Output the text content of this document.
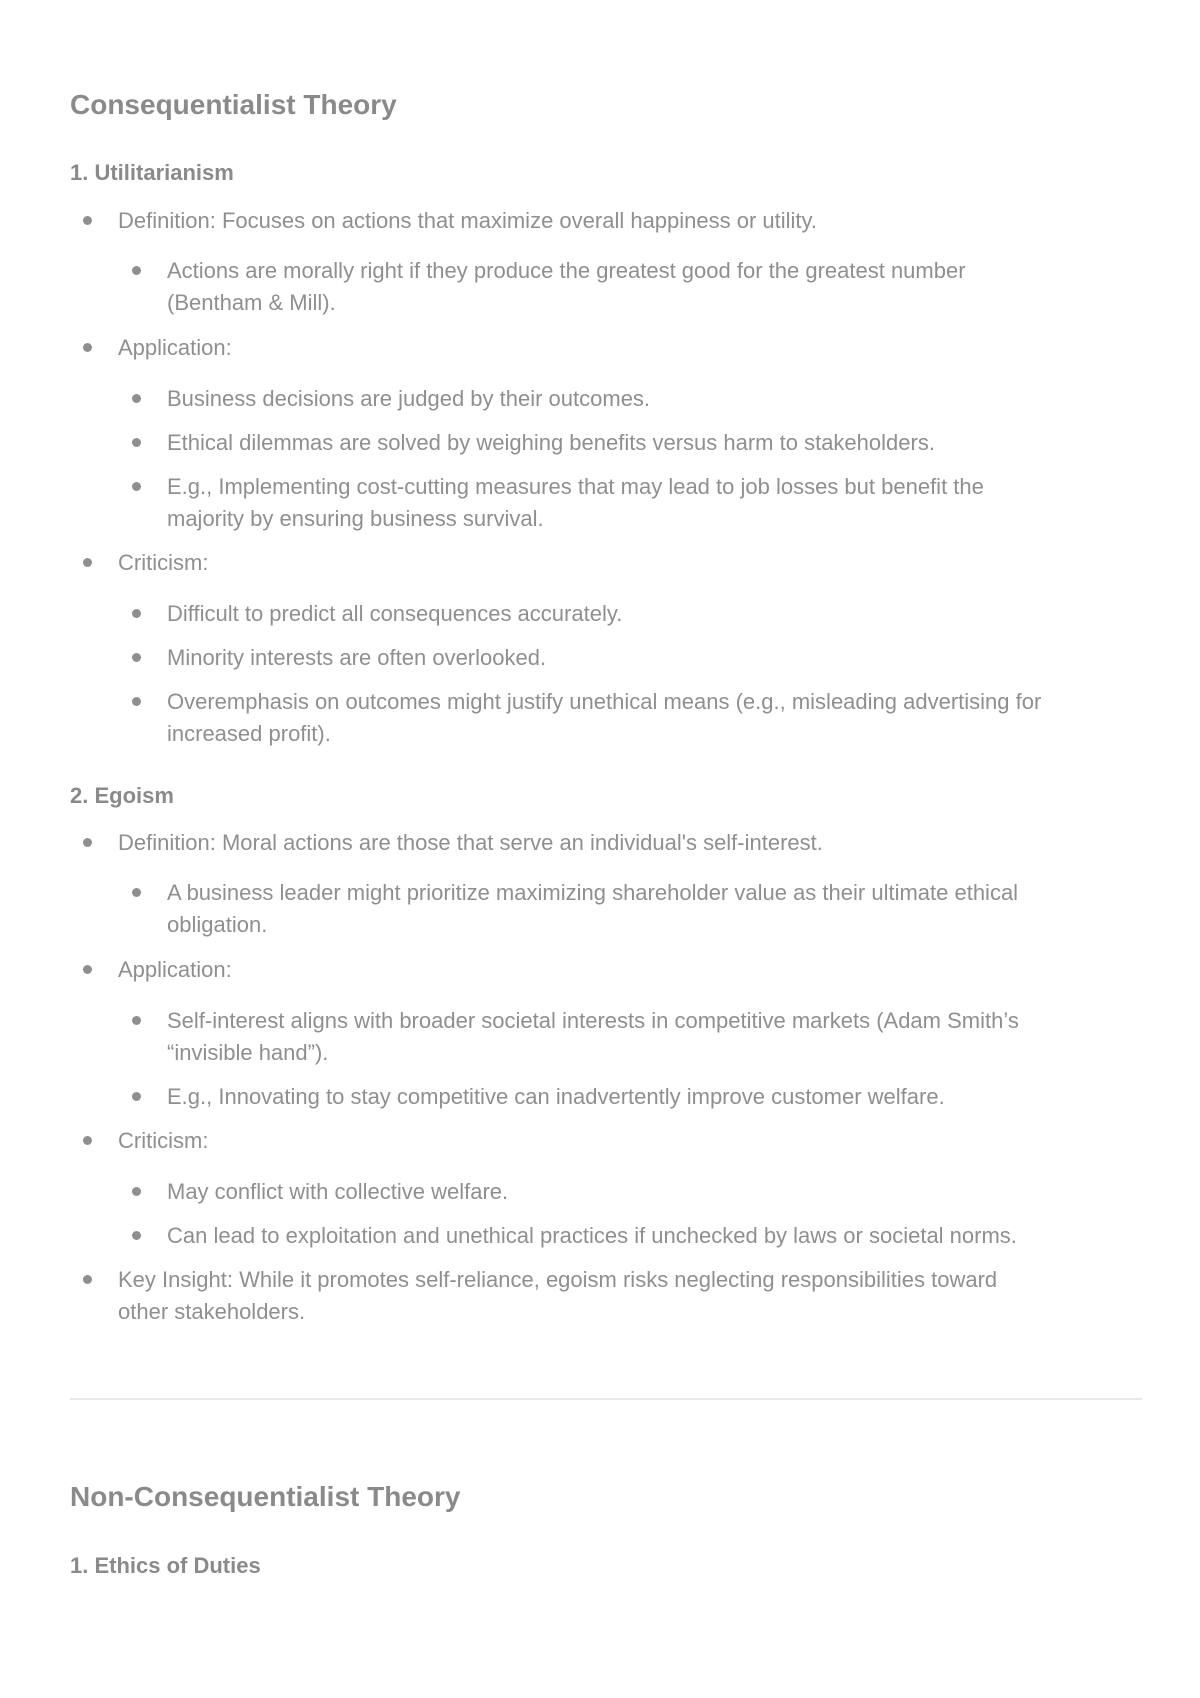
Consequentialist Theory
1. Utilitarianism

Definition: Focuses on actions that maximize overall happiness or utility.

Actions are morally right if they produce the greatest good for the greatest number

(Bentham & Mill).

Application:

Business decisions are judged by their outcomes.

Ethical dilemmas are solved by weighing benefits versus harm to stakeholders.

E.g., Implementing cost-cutting measures that may lead to job losses but benefit the

majority by ensuring business survival.

Criticism:

Difficult to predict all consequences accurately.

Minority interests are often overlooked.

Overemphasis on outcomes might justify unethical means (e.g., misleading advertising for

increased profit).

2. Egoism

Definition: Moral actions are those that serve an individual's self-interest.

A business leader might prioritize maximizing shareholder value as their ultimate ethical

obligation.

Application:

Self-interest aligns with broader societal interests in competitive markets (Adam Smith’s

“invisible hand”).

E.g., Innovating to stay competitive can inadvertently improve customer welfare.

Criticism:

May conflict with collective welfare.

Can lead to exploitation and unethical practices if unchecked by laws or societal norms.

Key Insight: While it promotes self-reliance, egoism risks neglecting responsibilities toward

other stakeholders.

Non-Consequentialist Theory
1. Ethics of Duties
